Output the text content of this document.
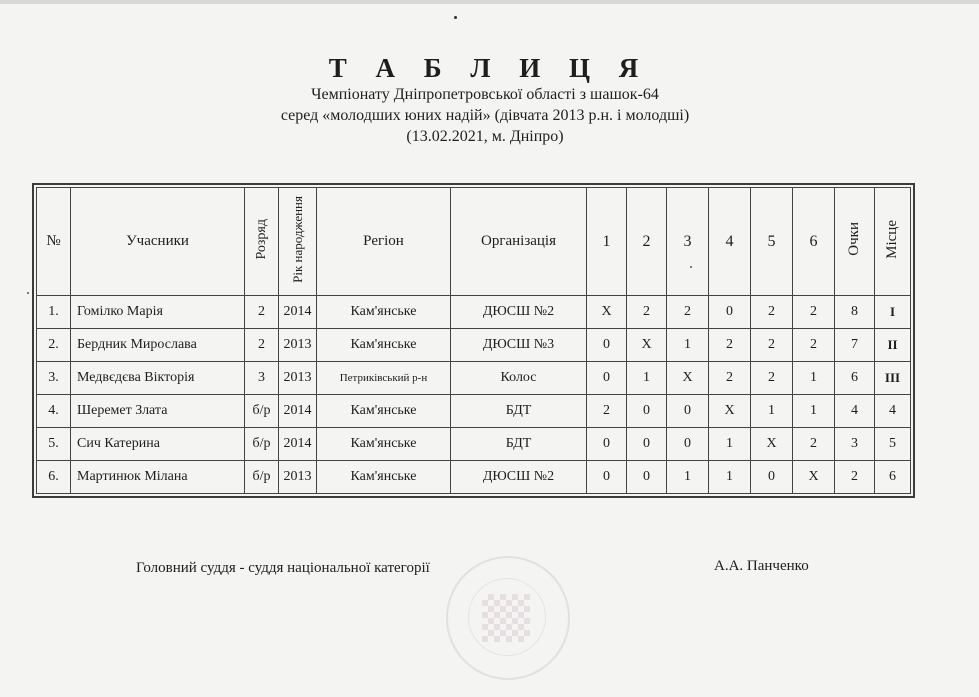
Т А Б Л И Ц Я
Чемпіонату Дніпропетровської області з шашок-64
серед «молодших юних надій» (дівчата 2013 р.н. і молодші)
(13.02.2021, м. Дніпро)
№	Учасники	Розряд	Рік народження	Регіон	Організація	1	2	3	4	5	6	Очки	Місце
1.	Гомілко Марія	2	2014	Кам'янське	ДЮСШ №2	X	2	2	0	2	2	8	I
2.	Бердник Мирослава	2	2013	Кам'янське	ДЮСШ №3	0	X	1	2	2	2	7	II
3.	Медвєдєва Вікторія	3	2013	Петриківський р-н	Колос	0	1	X	2	2	1	6	III
4.	Шеремет Злата	б/р	2014	Кам'янське	БДТ	2	0	0	X	1	1	4	4
5.	Сич Катерина	б/р	2014	Кам'янське	БДТ	0	0	0	1	X	2	3	5
6.	Мартинюк Мілана	б/р	2013	Кам'янське	ДЮСШ №2	0	0	1	1	0	X	2	6
Головний суддя - суддя національної категорії	А.А. Панченко
